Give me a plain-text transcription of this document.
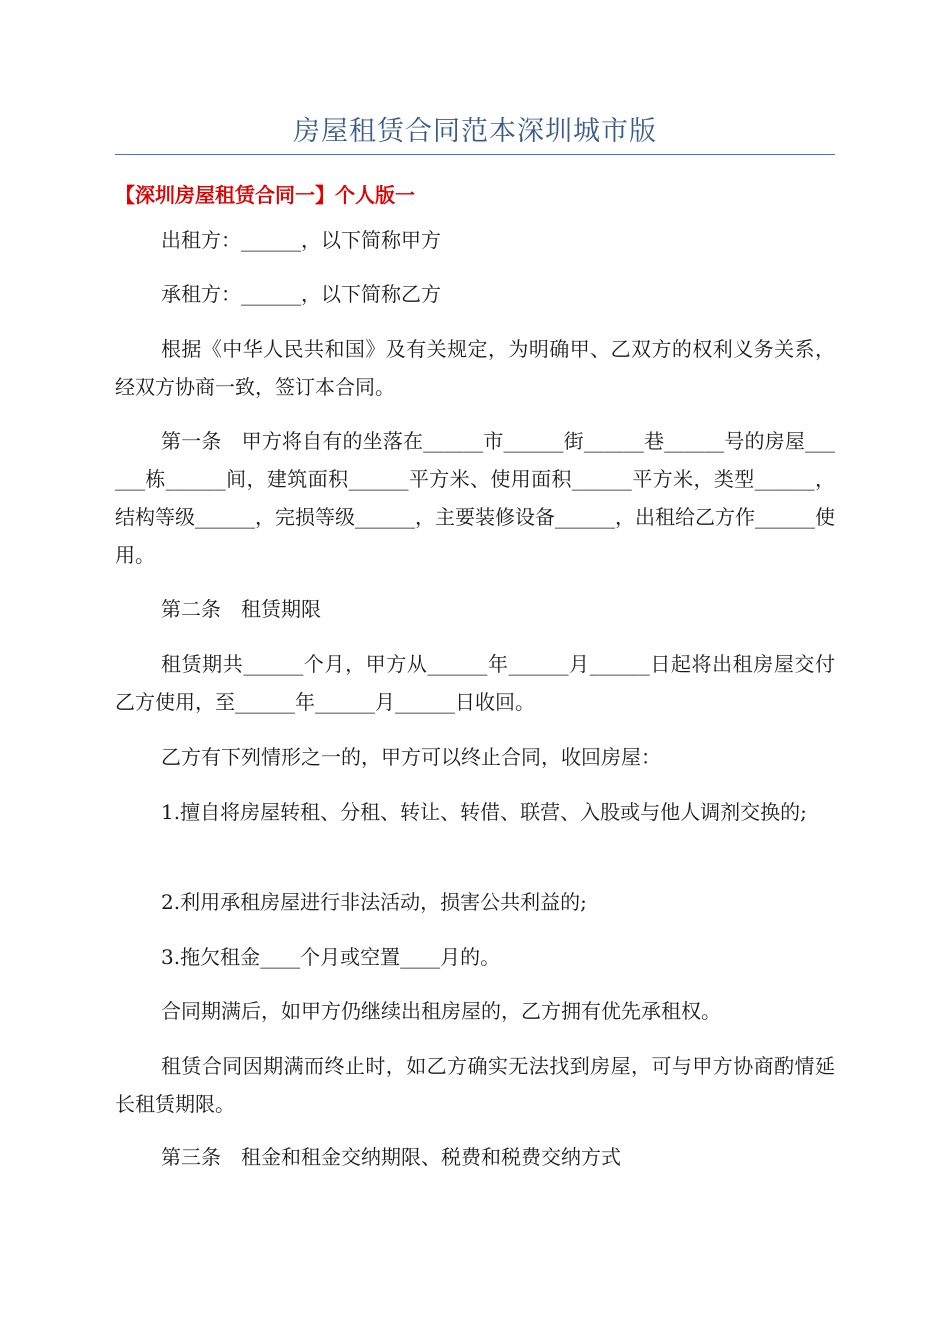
房屋租赁合同范本深圳城市版
【深圳房屋租赁合同一】个人版一

出租方：______，以下简称甲方

承租方：______，以下简称乙方

根据《中华人民共和国》及有关规定，为明确甲、乙双方的权利义务关系，经双方协商一致，签订本合同。

第一条　甲方将自有的坐落在______市______街______巷______号的房屋______栋______间，建筑面积______平方米、使用面积______平方米，类型______，结构等级______，完损等级______，主要装修设备______，出租给乙方作______使用。

第二条　租赁期限

租赁期共______个月，甲方从______年______月______日起将出租房屋交付乙方使用，至______年______月______日收回。

乙方有下列情形之一的，甲方可以终止合同，收回房屋：

1.擅自将房屋转租、分租、转让、转借、联营、入股或与他人调剂交换的;

2.利用承租房屋进行非法活动，损害公共利益的;

3.拖欠租金____个月或空置____月的。

合同期满后，如甲方仍继续出租房屋的，乙方拥有优先承租权。

租赁合同因期满而终止时，如乙方确实无法找到房屋，可与甲方协商酌情延长租赁期限。

第三条　租金和租金交纳期限、税费和税费交纳方式
